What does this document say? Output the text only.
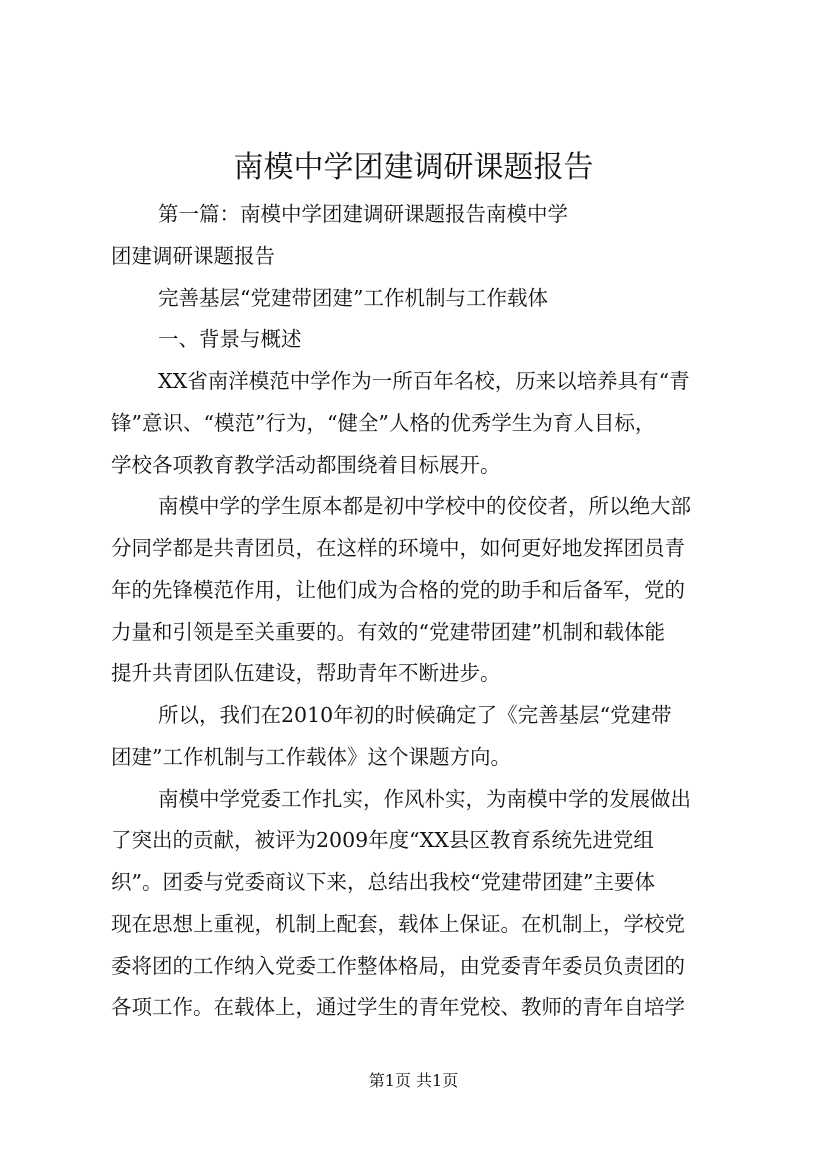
南模中学团建调研课题报告
第一篇：南模中学团建调研课题报告南模中学
团建调研课题报告
完善基层“党建带团建”工作机制与工作载体
一、背景与概述
XX省南洋模范中学作为一所百年名校，历来以培养具有“青
锋”意识、“模范”行为，“健全”人格的优秀学生为育人目标，
学校各项教育教学活动都围绕着目标展开。
南模中学的学生原本都是初中学校中的佼佼者，所以绝大部
分同学都是共青团员，在这样的环境中，如何更好地发挥团员青
年的先锋模范作用，让他们成为合格的党的助手和后备军，党的
力量和引领是至关重要的。有效的“党建带团建”机制和载体能
提升共青团队伍建设，帮助青年不断进步。
所以，我们在2010年初的时候确定了《完善基层“党建带
团建”工作机制与工作载体》这个课题方向。
南模中学党委工作扎实，作风朴实，为南模中学的发展做出
了突出的贡献，被评为2009年度“XX县区教育系统先进党组
织”。团委与党委商议下来，总结出我校“党建带团建”主要体
现在思想上重视，机制上配套，载体上保证。在机制上，学校党
委将团的工作纳入党委工作整体格局，由党委青年委员负责团的
各项工作。在载体上，通过学生的青年党校、教师的青年自培学
第1页 共1页
